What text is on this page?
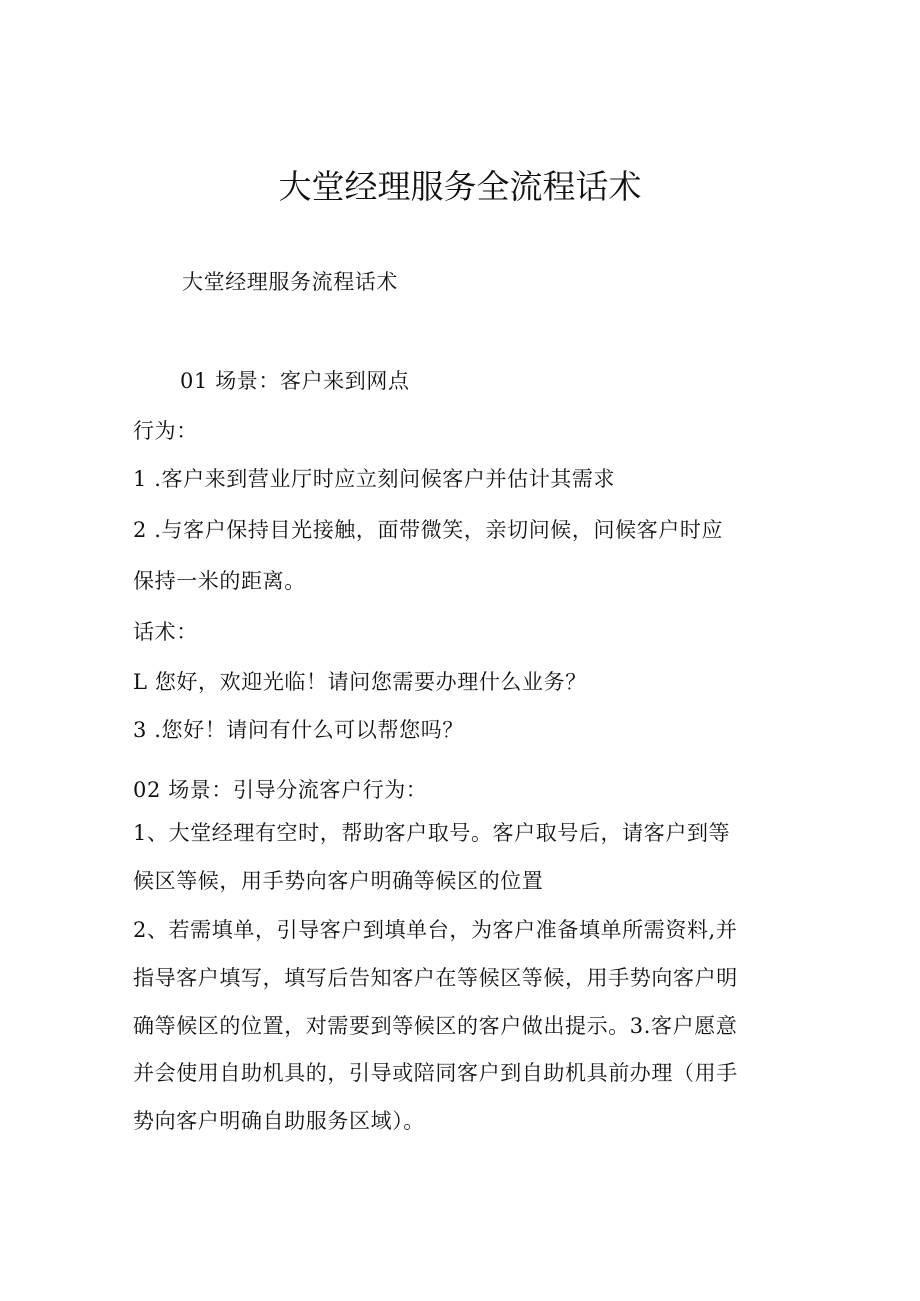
大堂经理服务全流程话术
大堂经理服务流程话术
01 场景：客户来到网点
行为：
1 .客户来到营业厅时应立刻问候客户并估计其需求
2 .与客户保持目光接触，面带微笑，亲切问候，问候客户时应
保持一米的距离。
话术：
L 您好，欢迎光临！请问您需要办理什么业务？
3 .您好！请问有什么可以帮您吗？
02 场景：引导分流客户行为：
1、大堂经理有空时，帮助客户取号。客户取号后，请客户到等
候区等候，用手势向客户明确等候区的位置
2、若需填单，引导客户到填单台，为客户准备填单所需资料,并
指导客户填写，填写后告知客户在等候区等候，用手势向客户明
确等候区的位置，对需要到等候区的客户做出提示。3.客户愿意
并会使用自助机具的，引导或陪同客户到自助机具前办理（用手
势向客户明确自助服务区域）。
